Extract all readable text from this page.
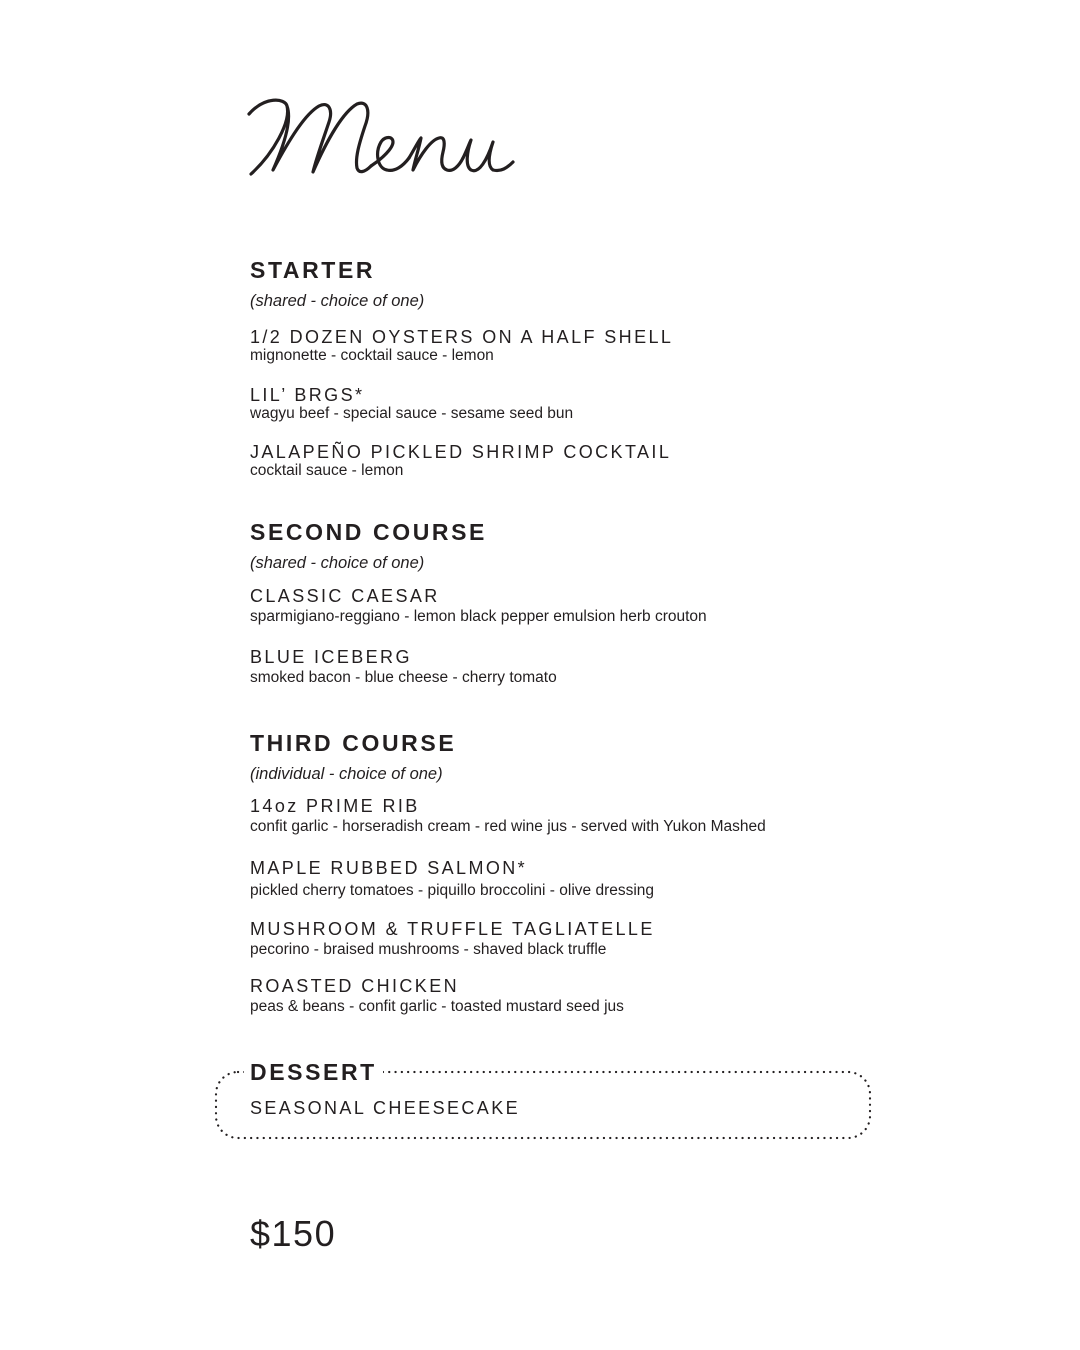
STARTER
(shared - choice of one)
1/2 DOZEN OYSTERS ON A HALF SHELL
mignonette - cocktail sauce - lemon
LIL’ BRGS*
wagyu beef - special sauce - sesame seed bun
JALAPEÑO PICKLED SHRIMP COCKTAIL
cocktail sauce - lemon
SECOND COURSE
(shared - choice of one)
CLASSIC CAESAR
sparmigiano-reggiano - lemon black pepper emulsion herb crouton
BLUE ICEBERG
smoked bacon - blue cheese - cherry tomato
THIRD COURSE
(individual - choice of one)
14oz PRIME RIB
confit garlic - horseradish cream - red wine jus - served with Yukon Mashed
MAPLE RUBBED SALMON*
pickled cherry tomatoes - piquillo broccolini - olive dressing
MUSHROOM & TRUFFLE TAGLIATELLE
pecorino - braised mushrooms - shaved black truffle
ROASTED CHICKEN
peas & beans - confit garlic - toasted mustard seed jus
DESSERT
SEASONAL CHEESECAKE
$150
